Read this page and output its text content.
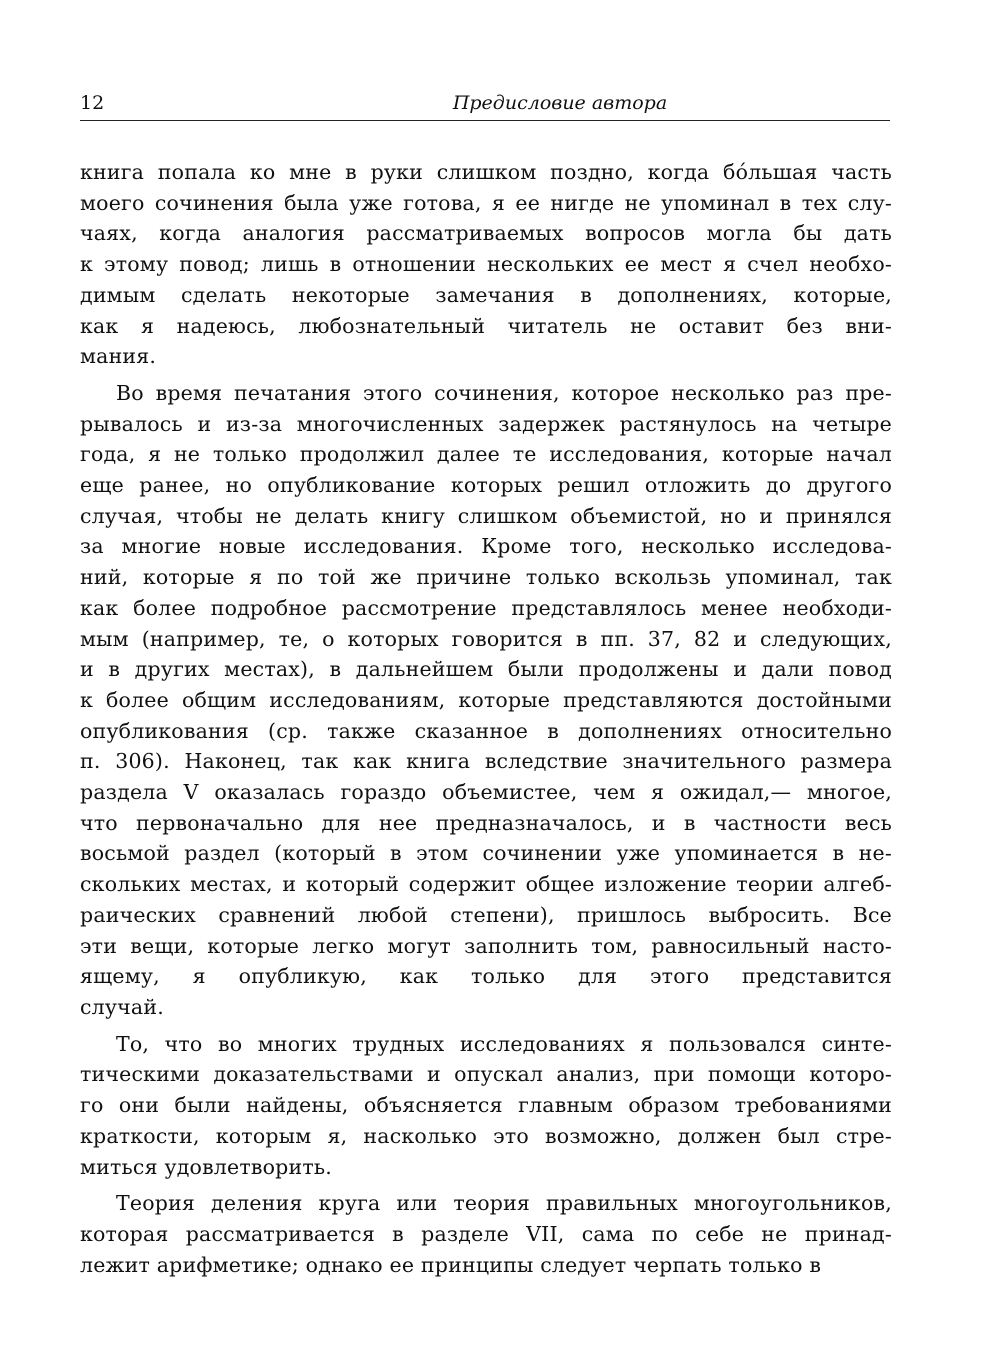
12	Предисловие автора

книга попала ко мне в руки слишком поздно, когда бóльшая часть
моего сочинения была уже готова, я ее нигде не упоминал в тех слу-
чаях, когда аналогия рассматриваемых вопросов могла бы дать
к этому повод; лишь в отношении нескольких ее мест я счел необхо-
димым сделать некоторые замечания в дополнениях, которые,
как я надеюсь, любознательный читатель не оставит без вни-
мания.

Во время печатания этого сочинения, которое несколько раз пре-
рывалось и из-за многочисленных задержек растянулось на четыре
года, я не только продолжил далее те исследования, которые начал
еще ранее, но опубликование которых решил отложить до другого
случая, чтобы не делать книгу слишком объемистой, но и принялся
за многие новые исследования. Кроме того, несколько исследова-
ний, которые я по той же причине только вскользь упоминал, так
как более подробное рассмотрение представлялось менее необходи-
мым (например, те, о которых говорится в пп. 37, 82 и следующих,
и в других местах), в дальнейшем были продолжены и дали повод
к более общим исследованиям, которые представляются достойными
опубликования (ср. также сказанное в дополнениях относительно
п. 306). Наконец, так как книга вследствие значительного размера
раздела V оказалась гораздо объемистее, чем я ожидал,— многое,
что первоначально для нее предназначалось, и в частности весь
восьмой раздел (который в этом сочинении уже упоминается в не-
скольких местах, и который содержит общее изложение теории алгеб-
раических сравнений любой степени), пришлось выбросить. Все
эти вещи, которые легко могут заполнить том, равносильный насто-
ящему, я опубликую, как только для этого представится
случай.

То, что во многих трудных исследованиях я пользовался синте-
тическими доказательствами и опускал анализ, при помощи которо-
го они были найдены, объясняется главным образом требованиями
краткости, которым я, насколько это возможно, должен был стре-
миться удовлетворить.

Теория деления круга или теория правильных многоугольников,
которая рассматривается в разделе VII, сама по себе не принад-
лежит арифметике; однако ее принципы следует черпать только в
